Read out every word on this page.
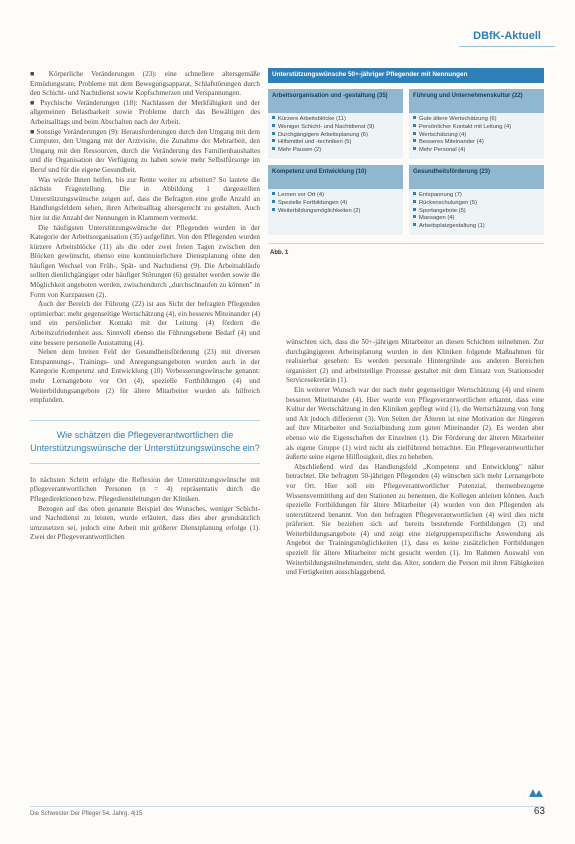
DBfK-Aktuell

■ Körperliche Veränderungen (23): eine schnellere altersgemäße Ermüdungsrate, Probleme mit dem Bewegungsapparat, Schlafstörungen durch den Schicht- und Nachtdienst sowie Kopfschmerzen und Verspannungen.

■ Psychische Veränderungen (18): Nachlassen der Merkfähigkeit und der allgemeinen Belastbarkeit sowie Probleme durch das Bewältigen des Arbeitsalltags und beim Abschalten nach der Arbeit.

■ Sonstige Veränderungen (9): Herausforderungen durch den Umgang mit dem Computer, den Umgang mit der Arztvisite, die Zunahme der Mehrarbeit, den Umgang mit den Ressourcen, durch die Veränderung des Familienhaushaltes und die Organisation der Verfügung zu haben sowie mehr Selbstfürsorge im Beruf und für die eigene Gesundheit.

Was würde Ihnen helfen, bis zur Rente weiter zu arbeiten? So lautete die nächste Fragestellung. Die in Abbildung 1 dargestellten Unterstützungswünsche zeigen auf, dass die Befragten eine große Anzahl an Handlungsfeldern sehen, ihren Arbeitsalltag altersgerecht zu gestalten. Auch hier ist die Anzahl der Nennungen in Klammern vermerkt.

Die häufigsten Unterstützungswünsche der Pflegenden wurden in der Kategorie der Arbeitsorganisation (35) aufgeführt. Von den Pflegenden wurden kürzere Arbeitsblöcke (11) als die oder zwei freien Tagen zwischen den Blöcken gewünscht, ebenso eine kontinuierlichere Dienstplanung ohne den häufigen Wechsel von Früh-, Spät- und Nachtdienst (9). Die Arbeitsabläufe sollten dienlichgängiger oder häufiger Störungen (6) gestaltet werden sowie die Möglichkeit angeboten werden, zwischendurch „durchschnaufen zu können" in Form von Kurzpausen (2).

Auch der Bereich der Führung (22) ist aus Sicht der befragten Pflegenden optimierbar: mehr gegenseitige Wertschätzung (4), ein besseres Miteinander (4) und ein persönlicher Kontakt mit der Leitung (4) fördern die Arbeitszufriedenheit aus. Sinnvoll ebenso die Führungsebene Bedarf (4) und eine bessere personelle Ausstattung (4).

Neben dem breiten Feld der Gesundheitsförderung (23) mit diversen Entspannungs-, Trainings- und Anregungsangeboten wurden auch in der Kategorie Kompetenz und Entwicklung (10) Verbesserungswünsche genannt: mehr Lernangebote vor Ort (4), spezielle Fortbildungen (4) und Weiterbildungsangebote (2) für ältere Mitarbeiter wurden als hilfreich empfunden.

Wie schätzen die Pflegeverantwortlichen die Unterstützungswünsche der Unterstützungswünsche ein?

In nächsten Schritt erfolgte die Reflexion der Unterstützungswünsche mit pflegeverantwortlichen Personen (n = 4) repräsentativ durch die Pflegedirektionen bzw. Pflegedienstleitungen der Kliniken.

Bezogen auf das oben genannte Beispiel des Wunsches, weniger Schicht- und Nachtdienst zu leisten, wurde erläutert, dass dies aber grundsätzlich umzusetzen sei, jedoch eine Arbeit mit größerer Dienstplanung erfolge (1). Zwei der Pflegeverantwortlichen

Unterstützungswünsche 50+-jähriger Pflegender mit Nennungen
Arbeitsorganisation und -gestaltung (35)
Kürzere Arbeitsblöcke (11)
Weniger Schicht- und Nachtdienst (9)
Durchgängigere Arbeitsplanung (6)
Hilfsmittel und -techniken (5)
Mehr Pausen (2)
Führung und Unternehmenskultur (22)
Gute ältere Wertschätzung (6)
Persönlicher Kontakt mit Leitung (4)
Wertschätzung (4)
Besseres Miteinander (4)
Mehr Personal (4)
Kompetenz und Entwicklung (10)
Lernen vor Ort (4)
Spezielle Fortbildungen (4)
Weiterbildungsmöglichkeiten (2)
Gesundheitsförderung (23)
Entspannung (7)
Rückenschulungen (5)
Sportangebote (5)
Massagen (4)
Arbeitsplatzgestaltung (1)
Abb. 1

wünschten sich, dass die 50+-jährigen Mitarbeiter an diesen Schichten teilnehmen. Zur durchgängigeren Arbeitsplanung wurden in den Kliniken folgende Maßnahmen für realisierbar gesehen: Es werden personale Hintergründe aus anderen Bereichen organisiert (2) und arbeitsteilige Prozesse gestaltet mit dem Einsatz von Stationsoder Servicesekretärin (1).

Ein weiterer Wunsch war der nach mehr gegenseitiger Wertschätzung (4) und einem besseren Miteinander (4). Hier wurde von Pflegeverantwortlichen erkannt, dass eine Kultur der Wertschätzung in den Kliniken gepflegt wird (1), die Wertschätzung von Jung und Alt jedoch differieren (3). Von Seiten der Älteren ist eine Motivation der Jüngeren auf ihre Mitarbeiter und Sozialbindung zum guten Miteinander (2). Es werden aber ebenso wie die Eigenschaften der Einzelnen (1). Die Förderung der älteren Mitarbeiter als eigene Gruppe (1) wird nicht als zielführend betrachtet. Ein Pflegeverantwortlicher äußerte seine eigene Hilflosigkeit, dies zu beheben.

Abschließend wird das Handlungsfeld „Kompetenz und Entwicklung" näher betrachtet. Die befragten 50-jährigen Pflegenden (4) wünschen sich mehr Lernangebote vor Ort. Hier soll ein Pflegeverantwortlicher Potenzial, themenbezogene Wissensvermittlung auf den Stationen zu benennen, die Kollegen anleiten können. Auch spezielle Fortbildungen für ältere Mitarbeiter (4) wurden von den Pflegenden als unterstützend benannt. Von den befragten Pflegeverantwortlichen (4) wird dies nicht präferiert. Sie beziehen sich auf bereits bestehende Fortbildungen (2) und Weiterbildungsangebote (4) und zeigt eine zielgruppenspezifische Anwendung als Angebot der Trainingsmöglichkeiten (1), dass es keine zusätzlichen Fortbildungen speziell für ältere Mitarbeiter nicht gesucht werden (1). Im Rahmen Auswahl von Weiterbildungsteilnehmenden, steht das Alter, sondern die Person mit ihren Fähigkeiten und Fertigkeiten ausschlaggebend.

Die Schwester Der Pfleger 54. Jahrg. 4|15	63
